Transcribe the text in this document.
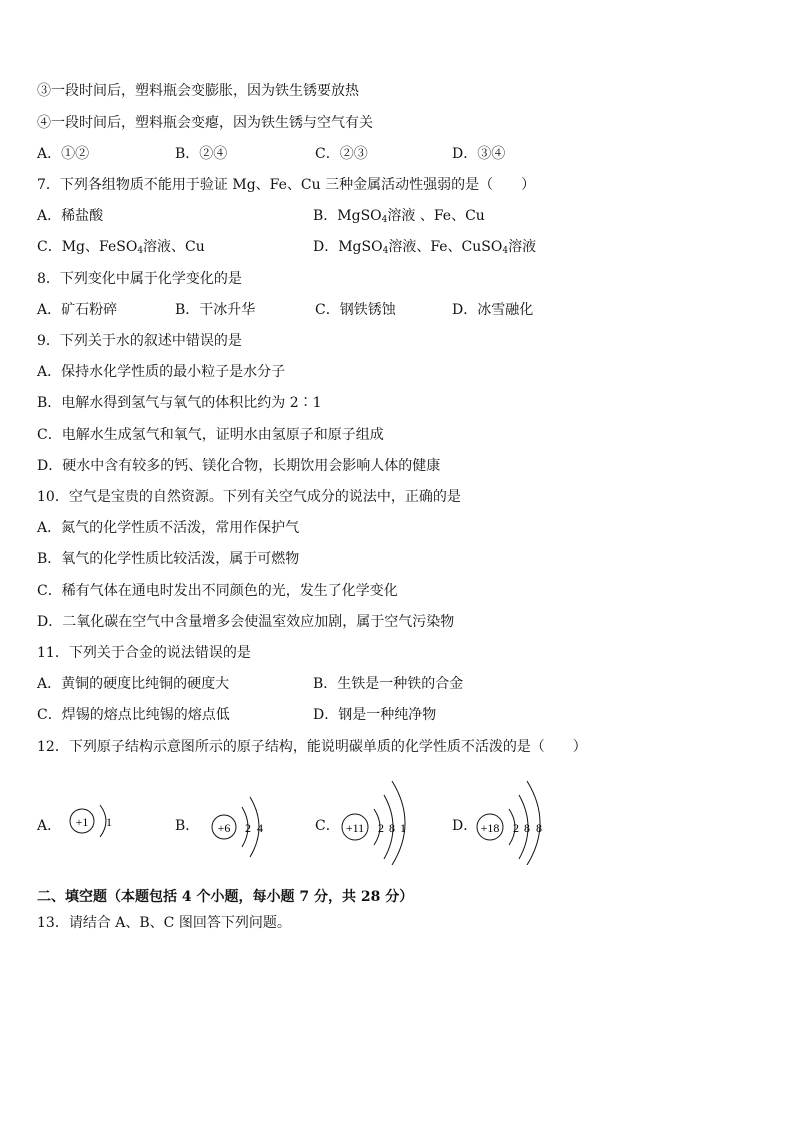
③一段时间后，塑料瓶会变膨胀，因为铁生锈要放热
④一段时间后，塑料瓶会变瘪，因为铁生锈与空气有关
A．①②	B．②④	C．②③	D．③④
7．下列各组物质不能用于验证 Mg、Fe、Cu 三种金属活动性强弱的是（　　）
A．稀盐酸	B．MgSO$_4$溶液 、Fe、Cu
C．Mg、FeSO$_4$溶液、Cu	D．MgSO$_4$溶液、Fe、CuSO$_4$溶液
8．下列变化中属于化学变化的是
A．矿石粉碎	B．干冰升华	C．钢铁锈蚀	D．冰雪融化
9．下列关于水的叙述中错误的是
A．保持水化学性质的最小粒子是水分子
B．电解水得到氢气与氧气的体积比约为 2∶1
C．电解水生成氢气和氧气，证明水由氢原子和原子组成
D．硬水中含有较多的钙、镁化合物，长期饮用会影响人体的健康
10．空气是宝贵的自然资源。下列有关空气成分的说法中，正确的是
A．氮气的化学性质不活泼，常用作保护气
B．氧气的化学性质比较活泼，属于可燃物
C．稀有气体在通电时发出不同颜色的光，发生了化学变化
D．二氧化碳在空气中含量增多会使温室效应加剧，属于空气污染物
11．下列关于合金的说法错误的是
A．黄铜的硬度比纯铜的硬度大	B．生铁是一种铁的合金
C．焊锡的熔点比纯锡的熔点低	D．钢是一种纯净物
12．下列原子结构示意图所示的原子结构，能说明碳单质的化学性质不活泼的是（　　）
A． +1 1	B． +6 2 4	C． +11 2 8 1	D． +18 2 8 8
二、填空题（本题包括 4 个小题，每小题 7 分，共 28 分）
13．请结合 A、B、C 图回答下列问题。
